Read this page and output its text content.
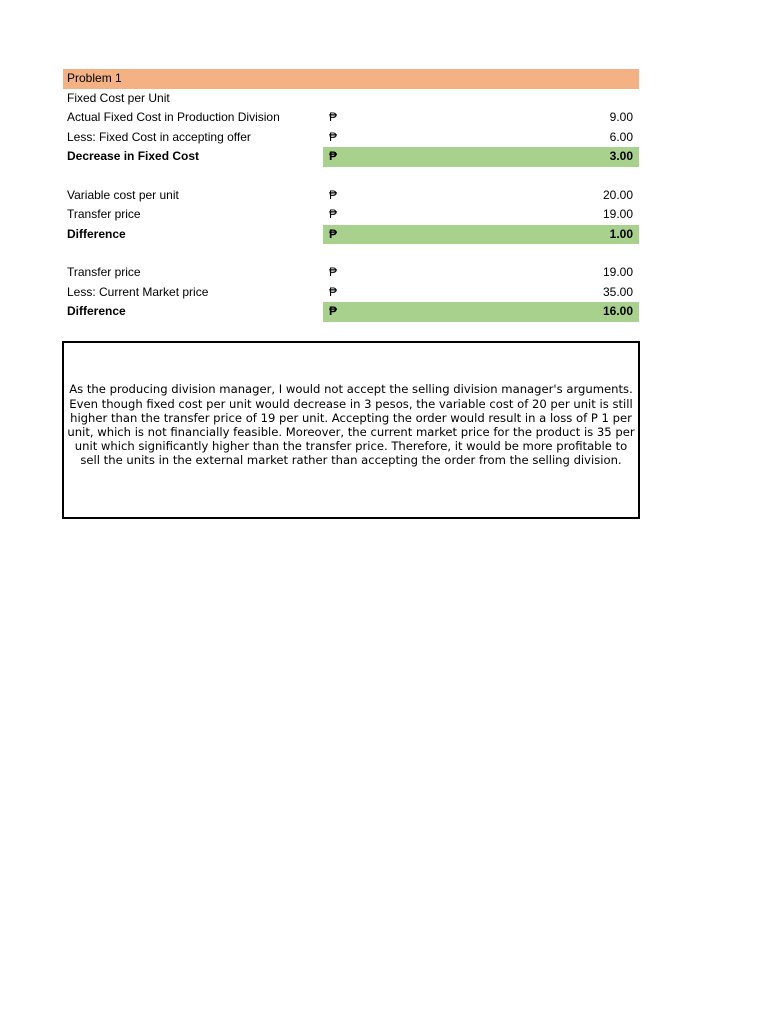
Problem 1
Fixed Cost per Unit
Actual Fixed Cost in Production Division	₱	9.00
Less: Fixed Cost in accepting offer	₱	6.00
Decrease in Fixed Cost	₱	3.00
Variable cost per unit	₱	20.00
Transfer price	₱	19.00
Difference	₱	1.00
Transfer price	₱	19.00
Less: Current Market price	₱	35.00
Difference	₱	16.00
As the producing division manager, I would not accept the selling division manager's arguments. Even though fixed cost per unit would decrease in 3 pesos, the variable cost of 20 per unit is still higher than the transfer price of 19 per unit. Accepting the order would result in a loss of P 1 per unit, which is not financially feasible. Moreover, the current market price for the product is 35 per unit which significantly higher than the transfer price. Therefore, it would be more profitable to sell the units in the external market rather than accepting the order from the selling division.
